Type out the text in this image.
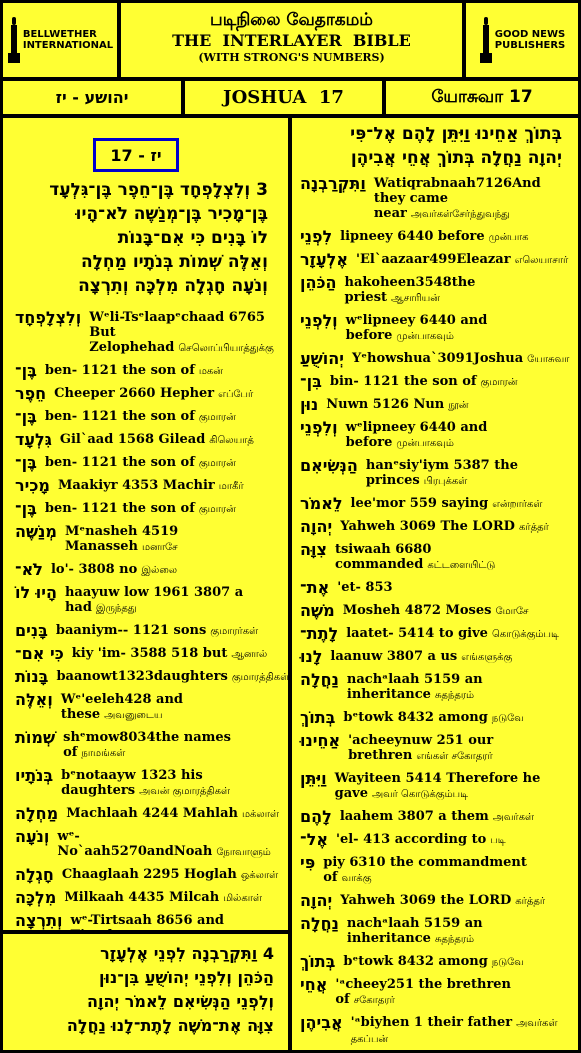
BELLWETHER
INTERNATIONAL
படிநிலை வேதாகமம்
THE  INTERLAYER  BIBLE
(WITH STRONG'S NUMBERS)
GOOD NEWS
PUBLISHERS
יהושע - יז	JOSHUA  17	யோசுவா 17
יז - 17
3 וְלִצְלָפְחָד בֶּן־חֵפֶר בֶּן־גִּלְעָד
בֶּן־מָכִיר בֶּן־מְנַשֶּׁה לֹא־הָיוּ
לוֹ בָּנִים כִּי אִם־בָּנוֹת
וְאֵלֶּה שְׁמוֹת בְּנֹתָיו מַחְלָה
וְנֹעָה חָגְלָה מִלְכָּה וְתִרְצָה
וְלִצְלָפְחָד Wᵉli-Tsᵉlaapᵉchaad 6765 But Zelophehad செலொப்பியாத்துக்கு
בֶּן־ ben- 1121 the son of மகன்
חֵפֶר Cheeper 2660 Hepher எப்பேர்
בֶּן־ ben- 1121 the son of குமாரன்
גִּלְעָד Gil`aad 1568 Gilead கிலெயாத்
בֶּן־ ben- 1121 the son of குமாரன்
מָכִיר Maakiyr 4353 Machir மாகீர்
בֶּן־ ben- 1121 the son of குமாரன்
מְנַשֶּׁה Mᵉnasheh 4519 Manasseh மனாசே
לֹא־ lo'- 3808 no இல்லை
הָיוּ לוֹ haayuw low 1961 3807 a had இருந்தது
בָּנִים baaniym-- 1121 sons குமாரர்கள்
כִּי אִם־ kiy 'im- 3588 518 but ஆனால்
בָּנוֹת baanowt1323daughters குமாரத்திகள்
וְאֵלֶּה Wᵉ'eeleh428 and these அவனுடைய
שְׁמוֹת shᵉmow8034the names of நாமங்கள்
בְּנֹתָיו bᵉnotaayw 1323 his daughters அவன் குமாரத்திகள்
מַחְלָה Machlaah 4244 Mahlah மக்லாள்
וְנֹעָה wᵉ-No`aah5270andNoah நோவாளும்
חָגְלָה Chaaglaah 2295 Hoglah ஒக்லாள்
מִלְכָּה Milkaah 4435 Milcah மில்காள்
וְתִרְצָה wᵉ-Tirtsaah 8656 and
4 וַתִּקְרַבְנָה לִפְנֵי אֶלְעָזָר
הַכֹּהֵן וְלִפְנֵי יְהוֹשֻׁעַ בִּן־נוּן
וְלִפְנֵי הַנְּשִׂיאִם לֵאמֹר יְהוָה
צִוָּה אֶת־מֹשֶׁה לָתֶת־לָנוּ נַחֲלָה
בְּתוֹךְ אַחֵינוּ וַיִּתֵּן לָהֶם אֶל־פִּי
יְהוָה נַחֲלָה בְּתוֹךְ אֲחֵי אֲבִיהֶן
וַתִּקְרַבְנָה Watiqrabnaah7126And they came near அவர்கள்சேர்ந்துவந்து
לִפְנֵי lipneey 6440 before முன்பாக
אֶלְעָזָר 'El`aazaar499Eleazar எலெயாசார்
הַכֹּהֵן hakoheen3548the priest ஆசாரியன்
וְלִפְנֵי wᵉlipneey 6440 and before முன்பாகவும்
יְהוֹשֻׁעַ Yᵉhowshua`3091Joshua யோசுவா
בִּן־ bin- 1121 the son of குமாரன்
נוּן Nuwn 5126 Nun நூன்
וְלִפְנֵי wᵉlipneey 6440 and before முன்பாகவும்
הַנְּשִׂיאִם hanᵉsiy'iym 5387 the princes பிரபுக்கள்
לֵאמֹר lee'mor 559 saying என்றார்கள்
יְהוָה Yahweh 3069 The LORD கர்த்தர்
צִוָּה tsiwaah 6680 commanded கட்டளையிட்டு
אֶת־ 'et- 853
מֹשֶׁה Mosheh 4872 Moses மோசே
לָתֶת־ laatet- 5414 to give கொடுக்கும்படி
לָנוּ laanuw 3807 a us எங்களுக்கு
נַחֲלָה nachᵃlaah 5159 an inheritance சுதந்தரம்
בְּתוֹךְ bᵉtowk 8432 among நடுவே
אַחֵינוּ 'acheeynuw 251 our brethren எங்கள் சகோதரர்
וַיִּתֵּן Wayiteen 5414 Therefore he gave அவர் கொடுக்கும்படி
לָהֶם laahem 3807 a them அவர்கள்
אֶל־ 'el- 413 according to படி
פִּי piy 6310 the commandment of வாக்கு
יְהוָה Yahweh 3069 the LORD கர்த்தர்
נַחֲלָה nachᵃlaah 5159 an inheritance சுதந்தரம்
בְּתוֹךְ bᵉtowk 8432 among நடுவே
אֲחֵי 'ᵃcheey251 the brethren of சகோதரர்
אֲבִיהֶן 'ᵃbiyhen 1 their father அவர்கள் தகப்பன்
